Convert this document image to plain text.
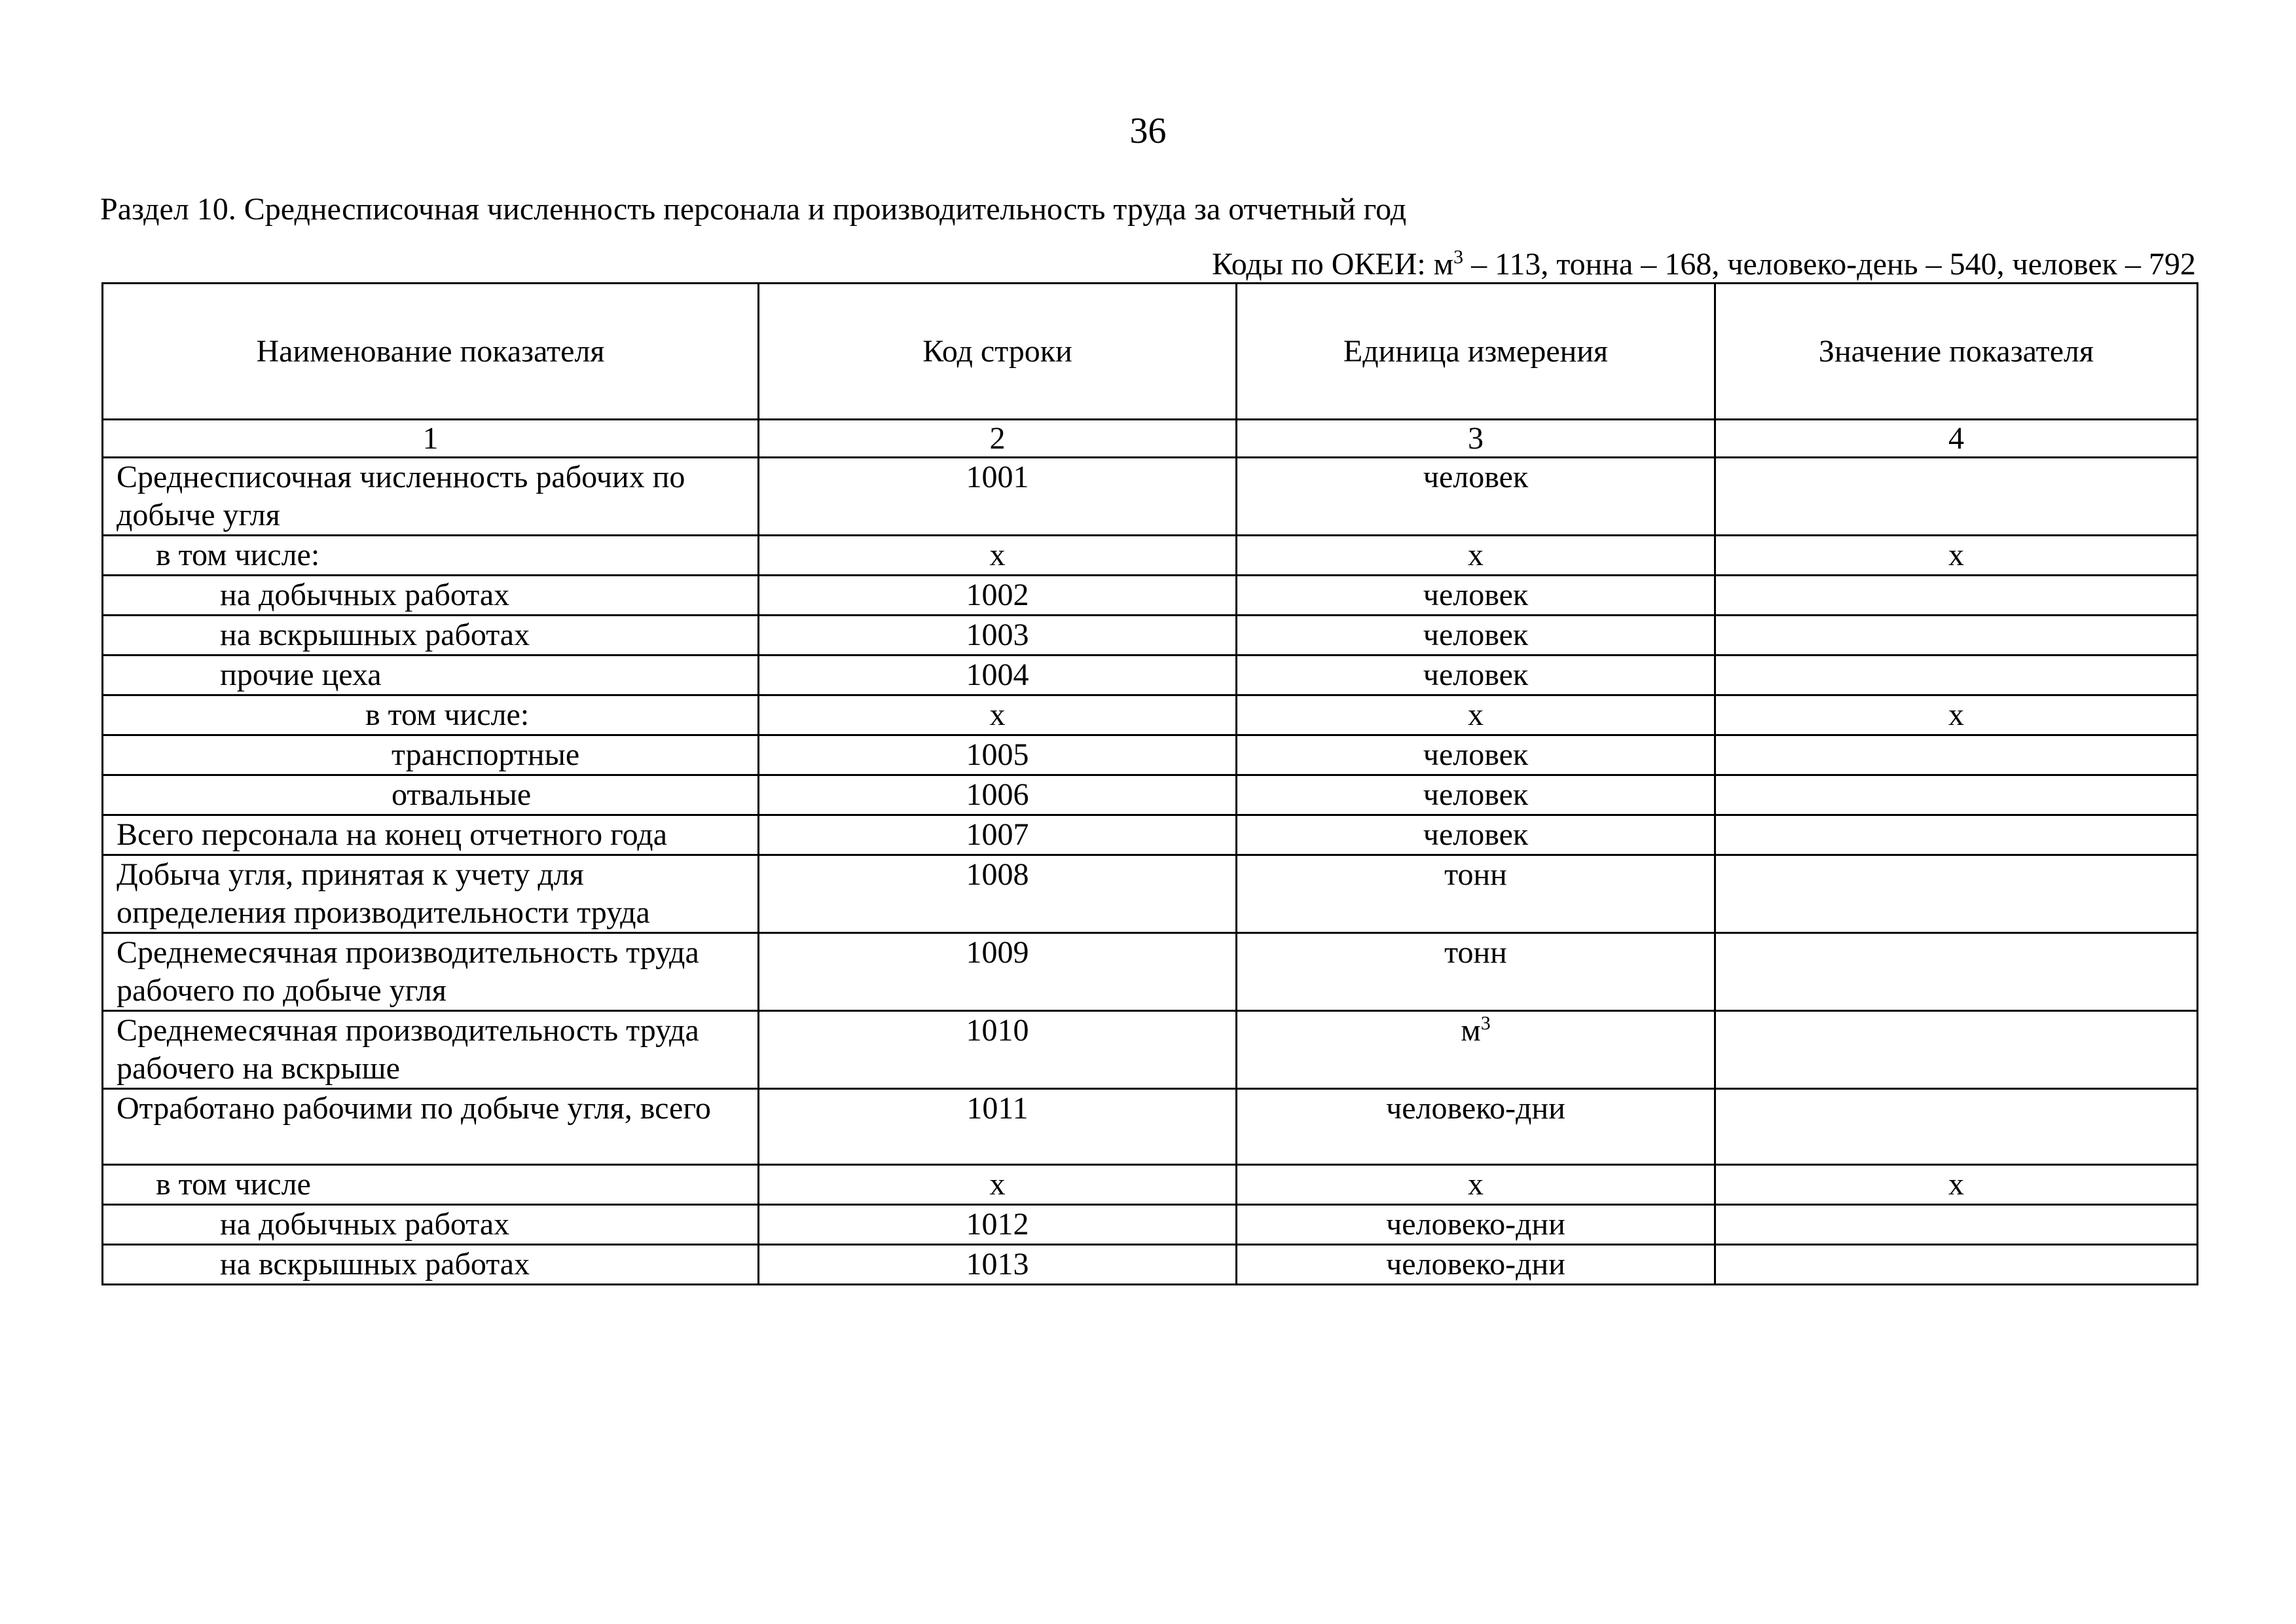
36
Раздел 10. Среднесписочная численность персонала и производительность труда за отчетный год
Коды по ОКЕИ: $м^3 - 113$, тонна – 168, человеко-день – 540, человек – 792
Наименование показателя	Код строки	Единица измерения	Значение показателя
1	2	3	4

Среднесписочная численность рабочих по добыче угля	1001	человек	

в том числе:	х	х	х

на добычных работах	1002	человек	

на вскрышных работах	1003	человек	

прочие цеха	1004	человек	

в том числе:	х	х	х

транспортные	1005	человек	

отвальные	1006	человек	

Всего персонала на конец отчетного года	1007	человек	

Добыча угля, принятая к учету для определения производительности труда	1008	тонн	

Среднемесячная производительность труда рабочего по добыче угля	1009	тонн	

Среднемесячная производительность труда рабочего на вскрыше	1010	$м^3$

Отработано рабочими по добыче угля, всего	1011	человеко-дни	

в том числе	х	х	х

на добычных работах	1012	человеко-дни	

на вскрышных работах	1013	человеко-дни	
